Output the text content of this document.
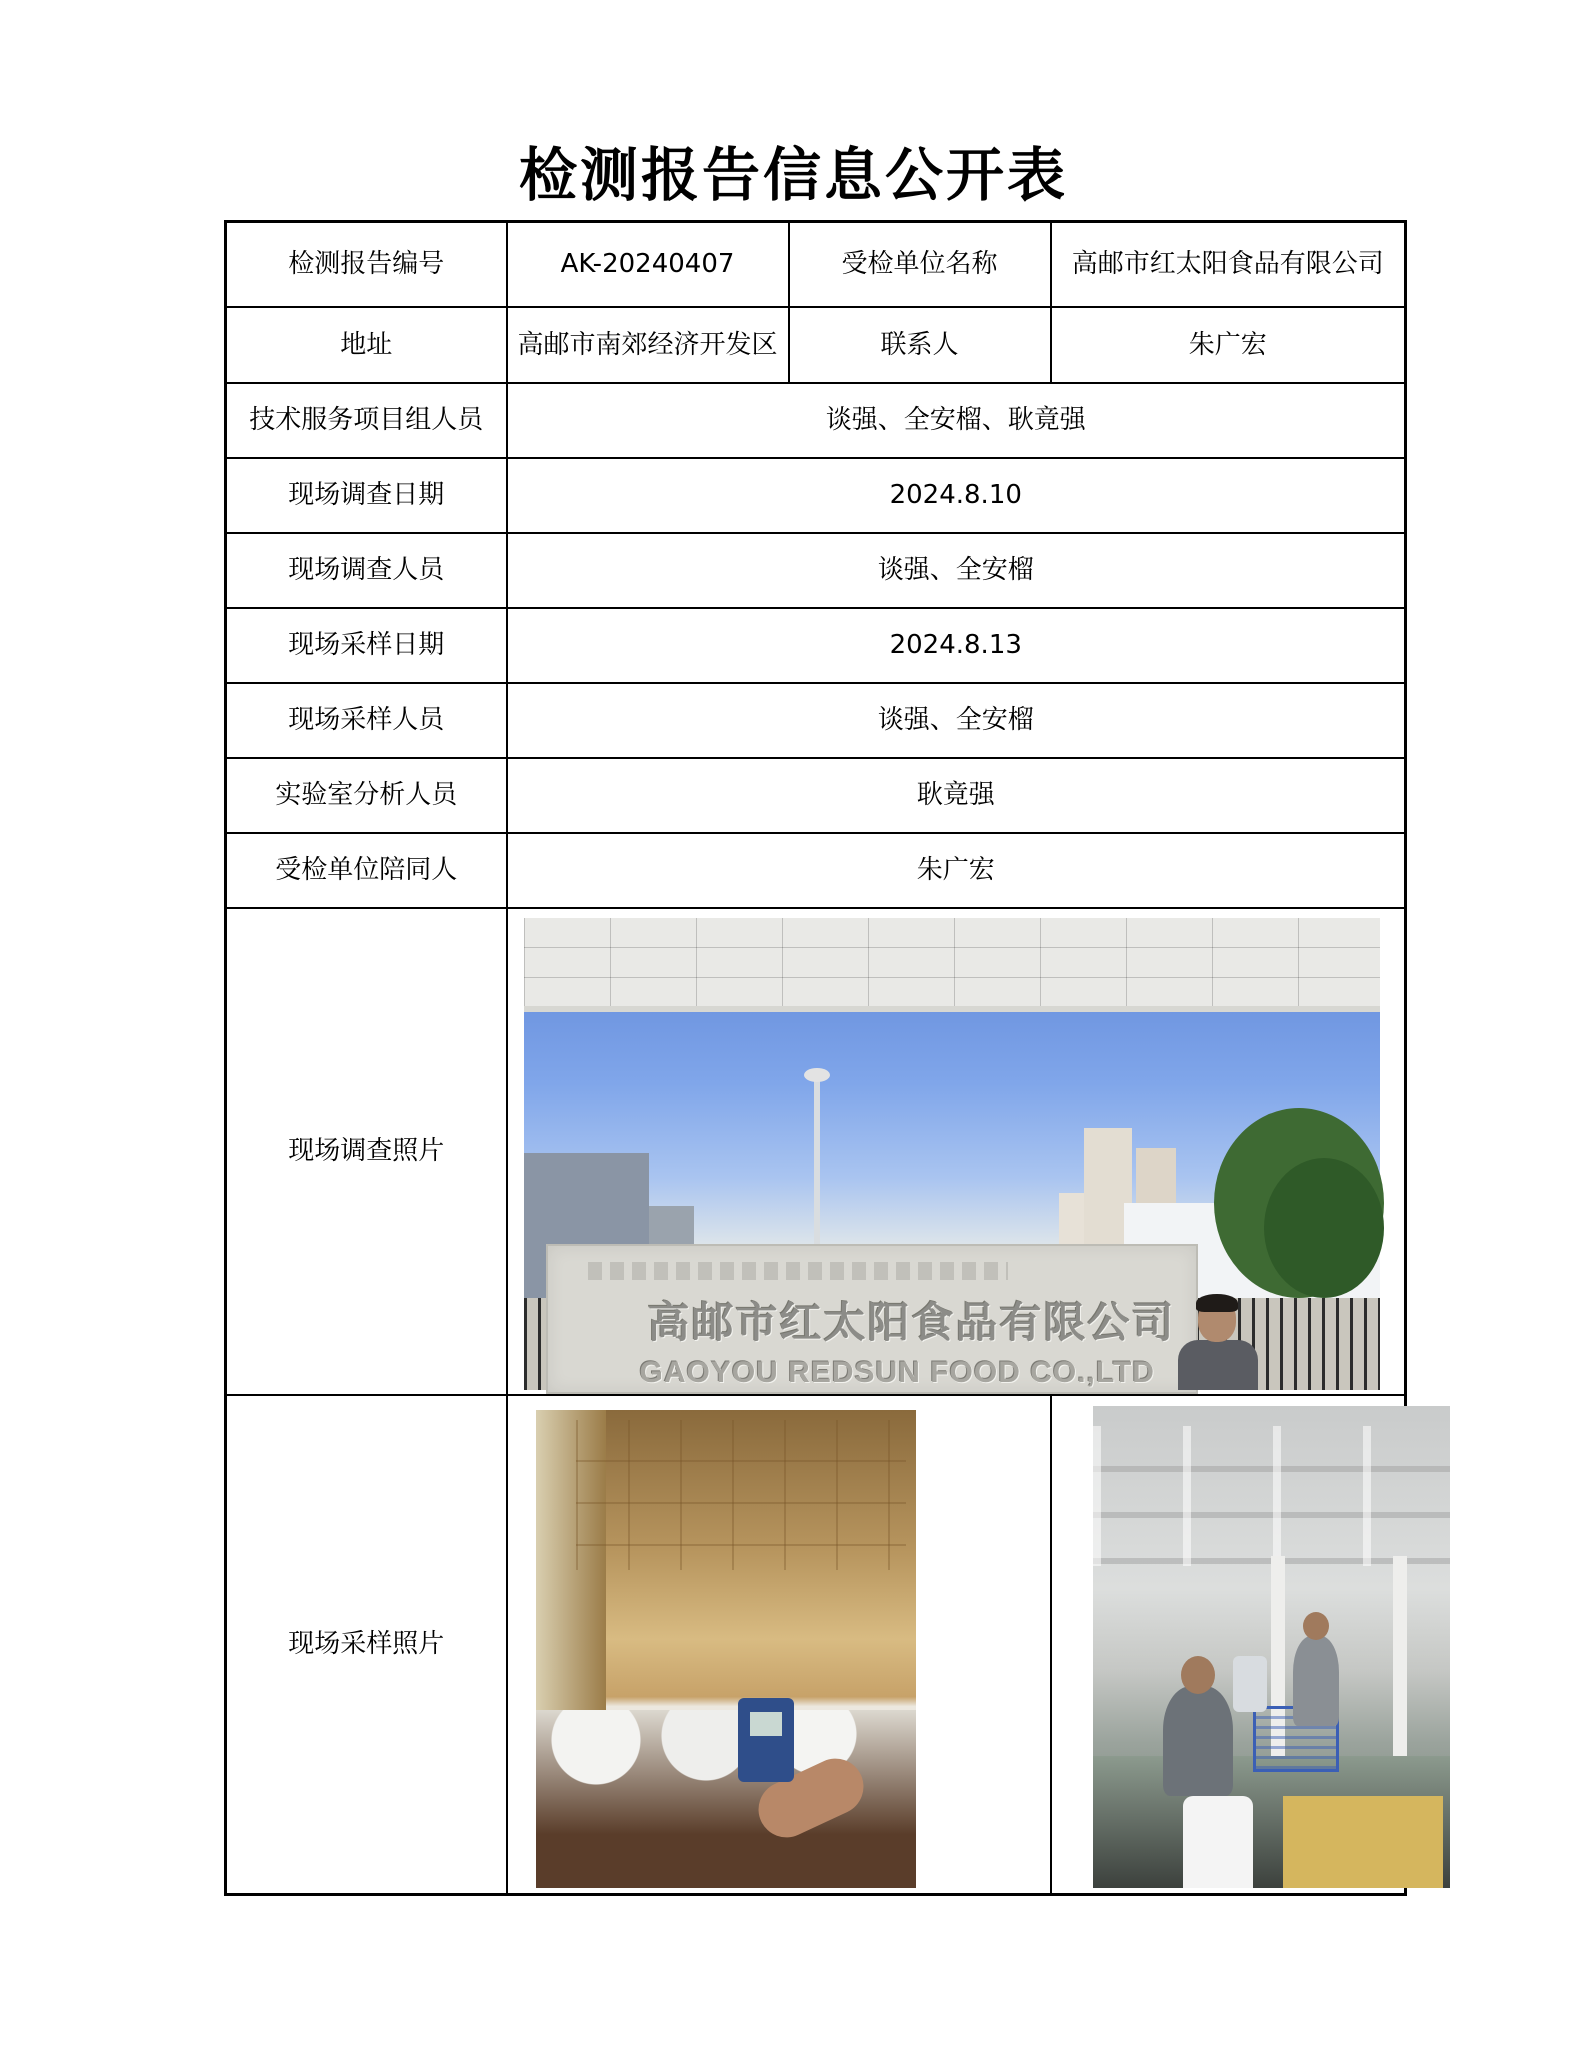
检测报告信息公开表
检测报告编号	AK-20240407	受检单位名称	高邮市红太阳食品有限公司
地址	高邮市南郊经济开发区	联系人	朱广宏
技术服务项目组人员	谈强、全安榴、耿竟强		
现场调查日期	2024.8.10		
现场调查人员	谈强、全安榴		
现场采样日期	2024.8.13		
现场采样人员	谈强、全安榴		
实验室分析人员	耿竟强		
受检单位陪同人	朱广宏		
现场调查照片	高邮市红太阳食品有限公司
GAOYOU REDSUN FOOD CO.,LTD		

现场采样照片		
